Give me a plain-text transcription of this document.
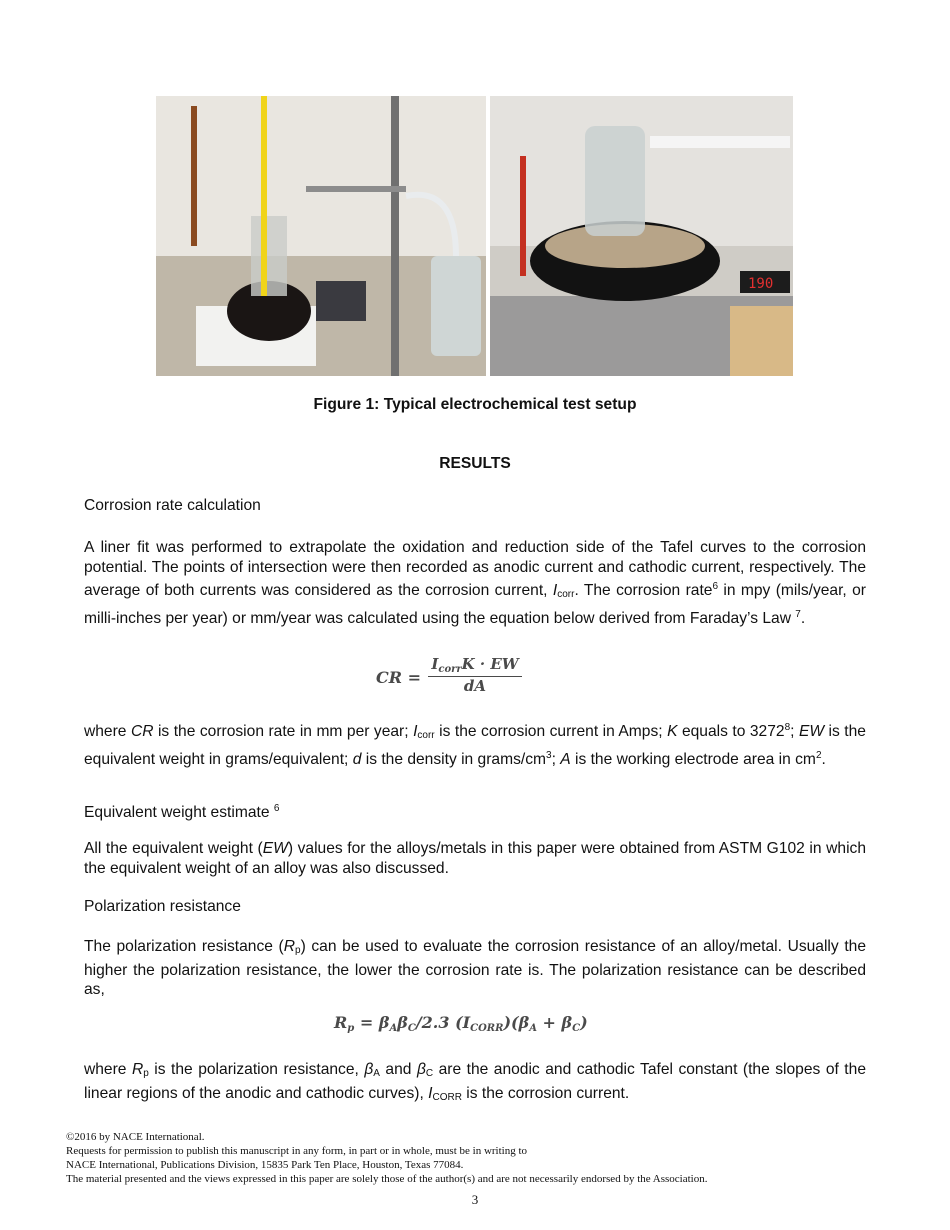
190
Figure 1: Typical electrochemical test setup
RESULTS
Corrosion rate calculation
A liner fit was performed to extrapolate the oxidation and reduction side of the Tafel curves to the corrosion potential. The points of intersection were then recorded as anodic current and cathodic current, respectively. The average of both currents was considered as the corrosion current, $I_{corr}$. The corrosion rate$^6$ in mpy (mils/year, or milli-inches per year) or mm/year was calculated using the equation below derived from Faraday’s Law $^7$.
CR =
$I_{corr}K$ · EW
dA
where CR is the corrosion rate in mm per year; $I_{corr}$ is the corrosion current in Amps; K equals to 3272$^8$; EW is the equivalent weight in grams/equivalent; d is the density in grams/$cm^3$; A is the working electrode area in $cm^2$.
Equivalent weight estimate $^6$
All the equivalent weight (EW) values for the alloys/metals in this paper were obtained from ASTM G102 in which the equivalent weight of an alloy was also discussed.
Polarization resistance
The polarization resistance $(R_p)$ can be used to evaluate the corrosion resistance of an alloy/metal. Usually the higher the polarization resistance, the lower the corrosion rate is. The polarization resistance can be described as,
Rp = βAβC/2.3 (ICORR)(βA + βC)
where $R_p$ is the polarization resistance, $\beta_A$ and $\beta_C$ are the anodic and cathodic Tafel constant (the slopes of the linear regions of the anodic and cathodic curves), $I_{CORR}$ is the corrosion current.
©2016 by NACE International.
Requests for permission to publish this manuscript in any form, in part or in whole, must be in writing to
NACE International, Publications Division, 15835 Park Ten Place, Houston, Texas 77084.
The material presented and the views expressed in this paper are solely those of the author(s) and are not necessarily endorsed by the Association.
3
